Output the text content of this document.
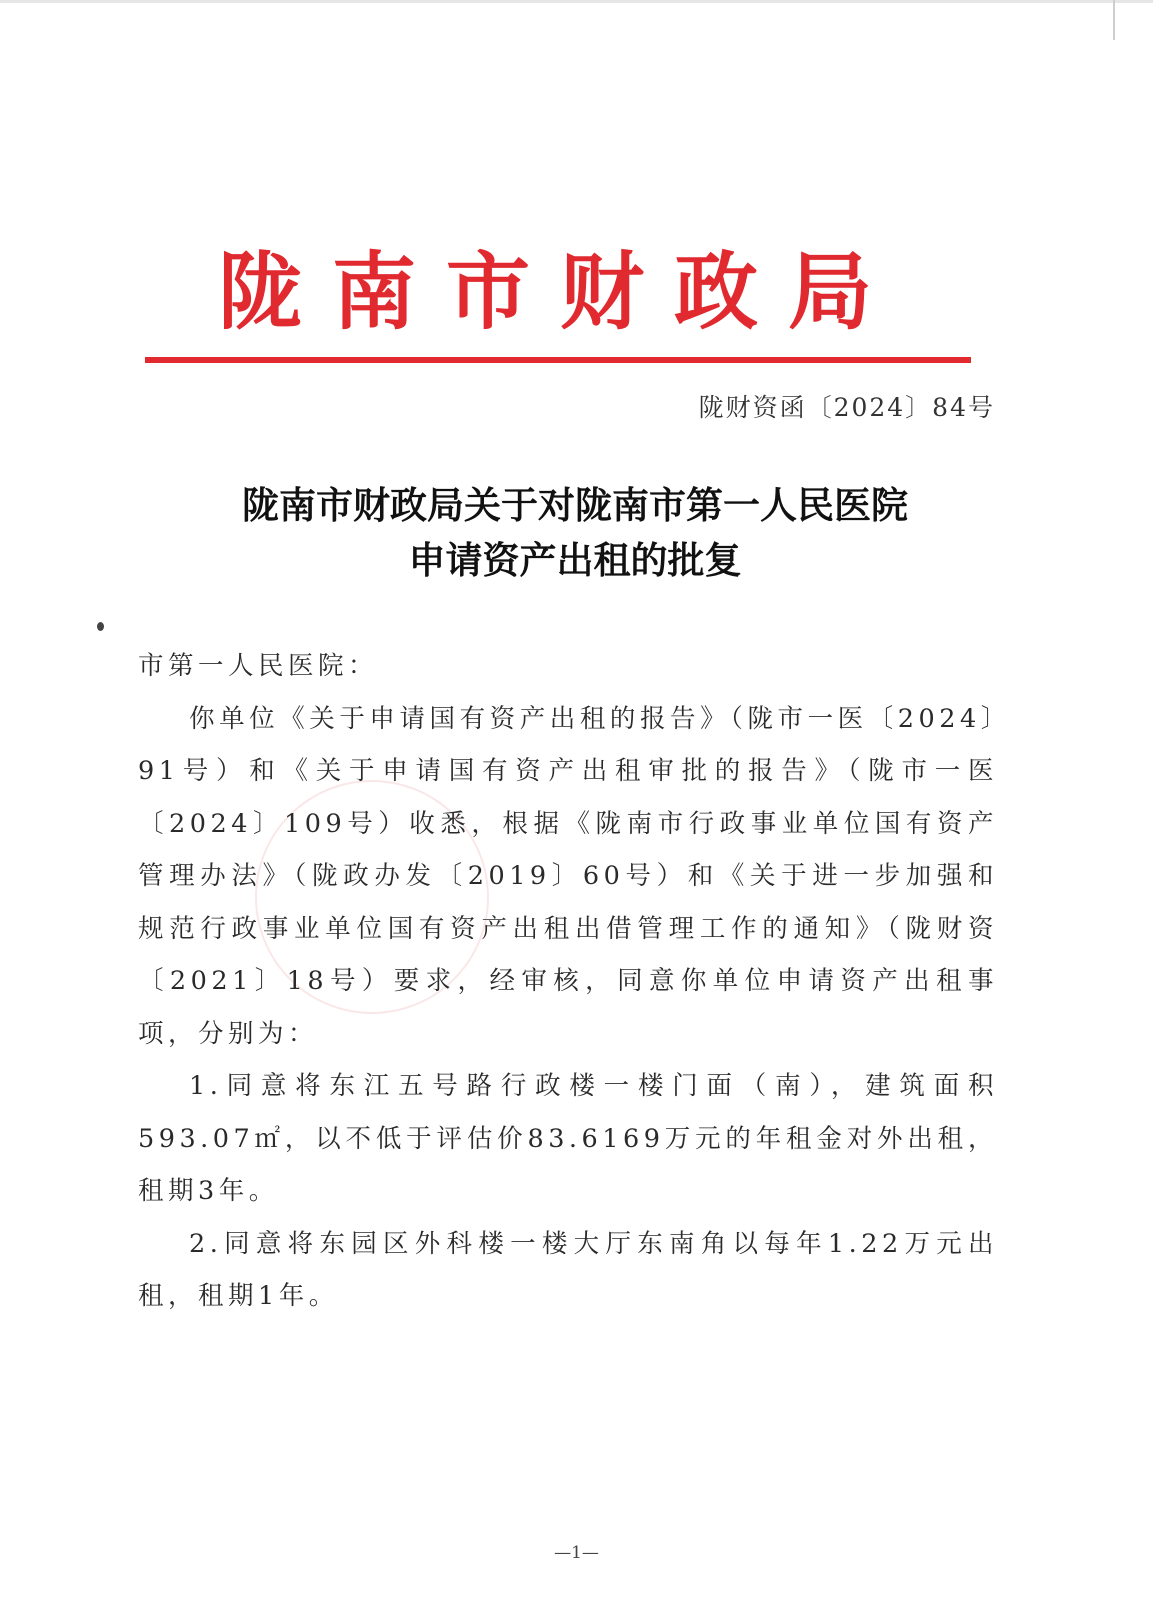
陇南市财政局
陇财资函〔2024〕84号
陇南市财政局关于对陇南市第一人民医院
申请资产出租的批复

市第一人民医院：

你单位《关于申请国有资产出租的报告》（陇市一医〔2024〕91号）和《关于申请国有资产出租审批的报告》（陇市一医〔2024〕109号）收悉，根据《陇南市行政事业单位国有资产管理办法》（陇政办发〔2019〕60号）和《关于进一步加强和规范行政事业单位国有资产出租出借管理工作的通知》（陇财资〔2021〕18号）要求，经审核，同意你单位申请资产出租事项，分别为：

1.同意将东江五号路行政楼一楼门面（南），建筑面积593.07㎡，以不低于评估价83.6169万元的年租金对外出租，租期3年。

2.同意将东园区外科楼一楼大厅东南角以每年1.22万元出租，租期1年。

—1—
